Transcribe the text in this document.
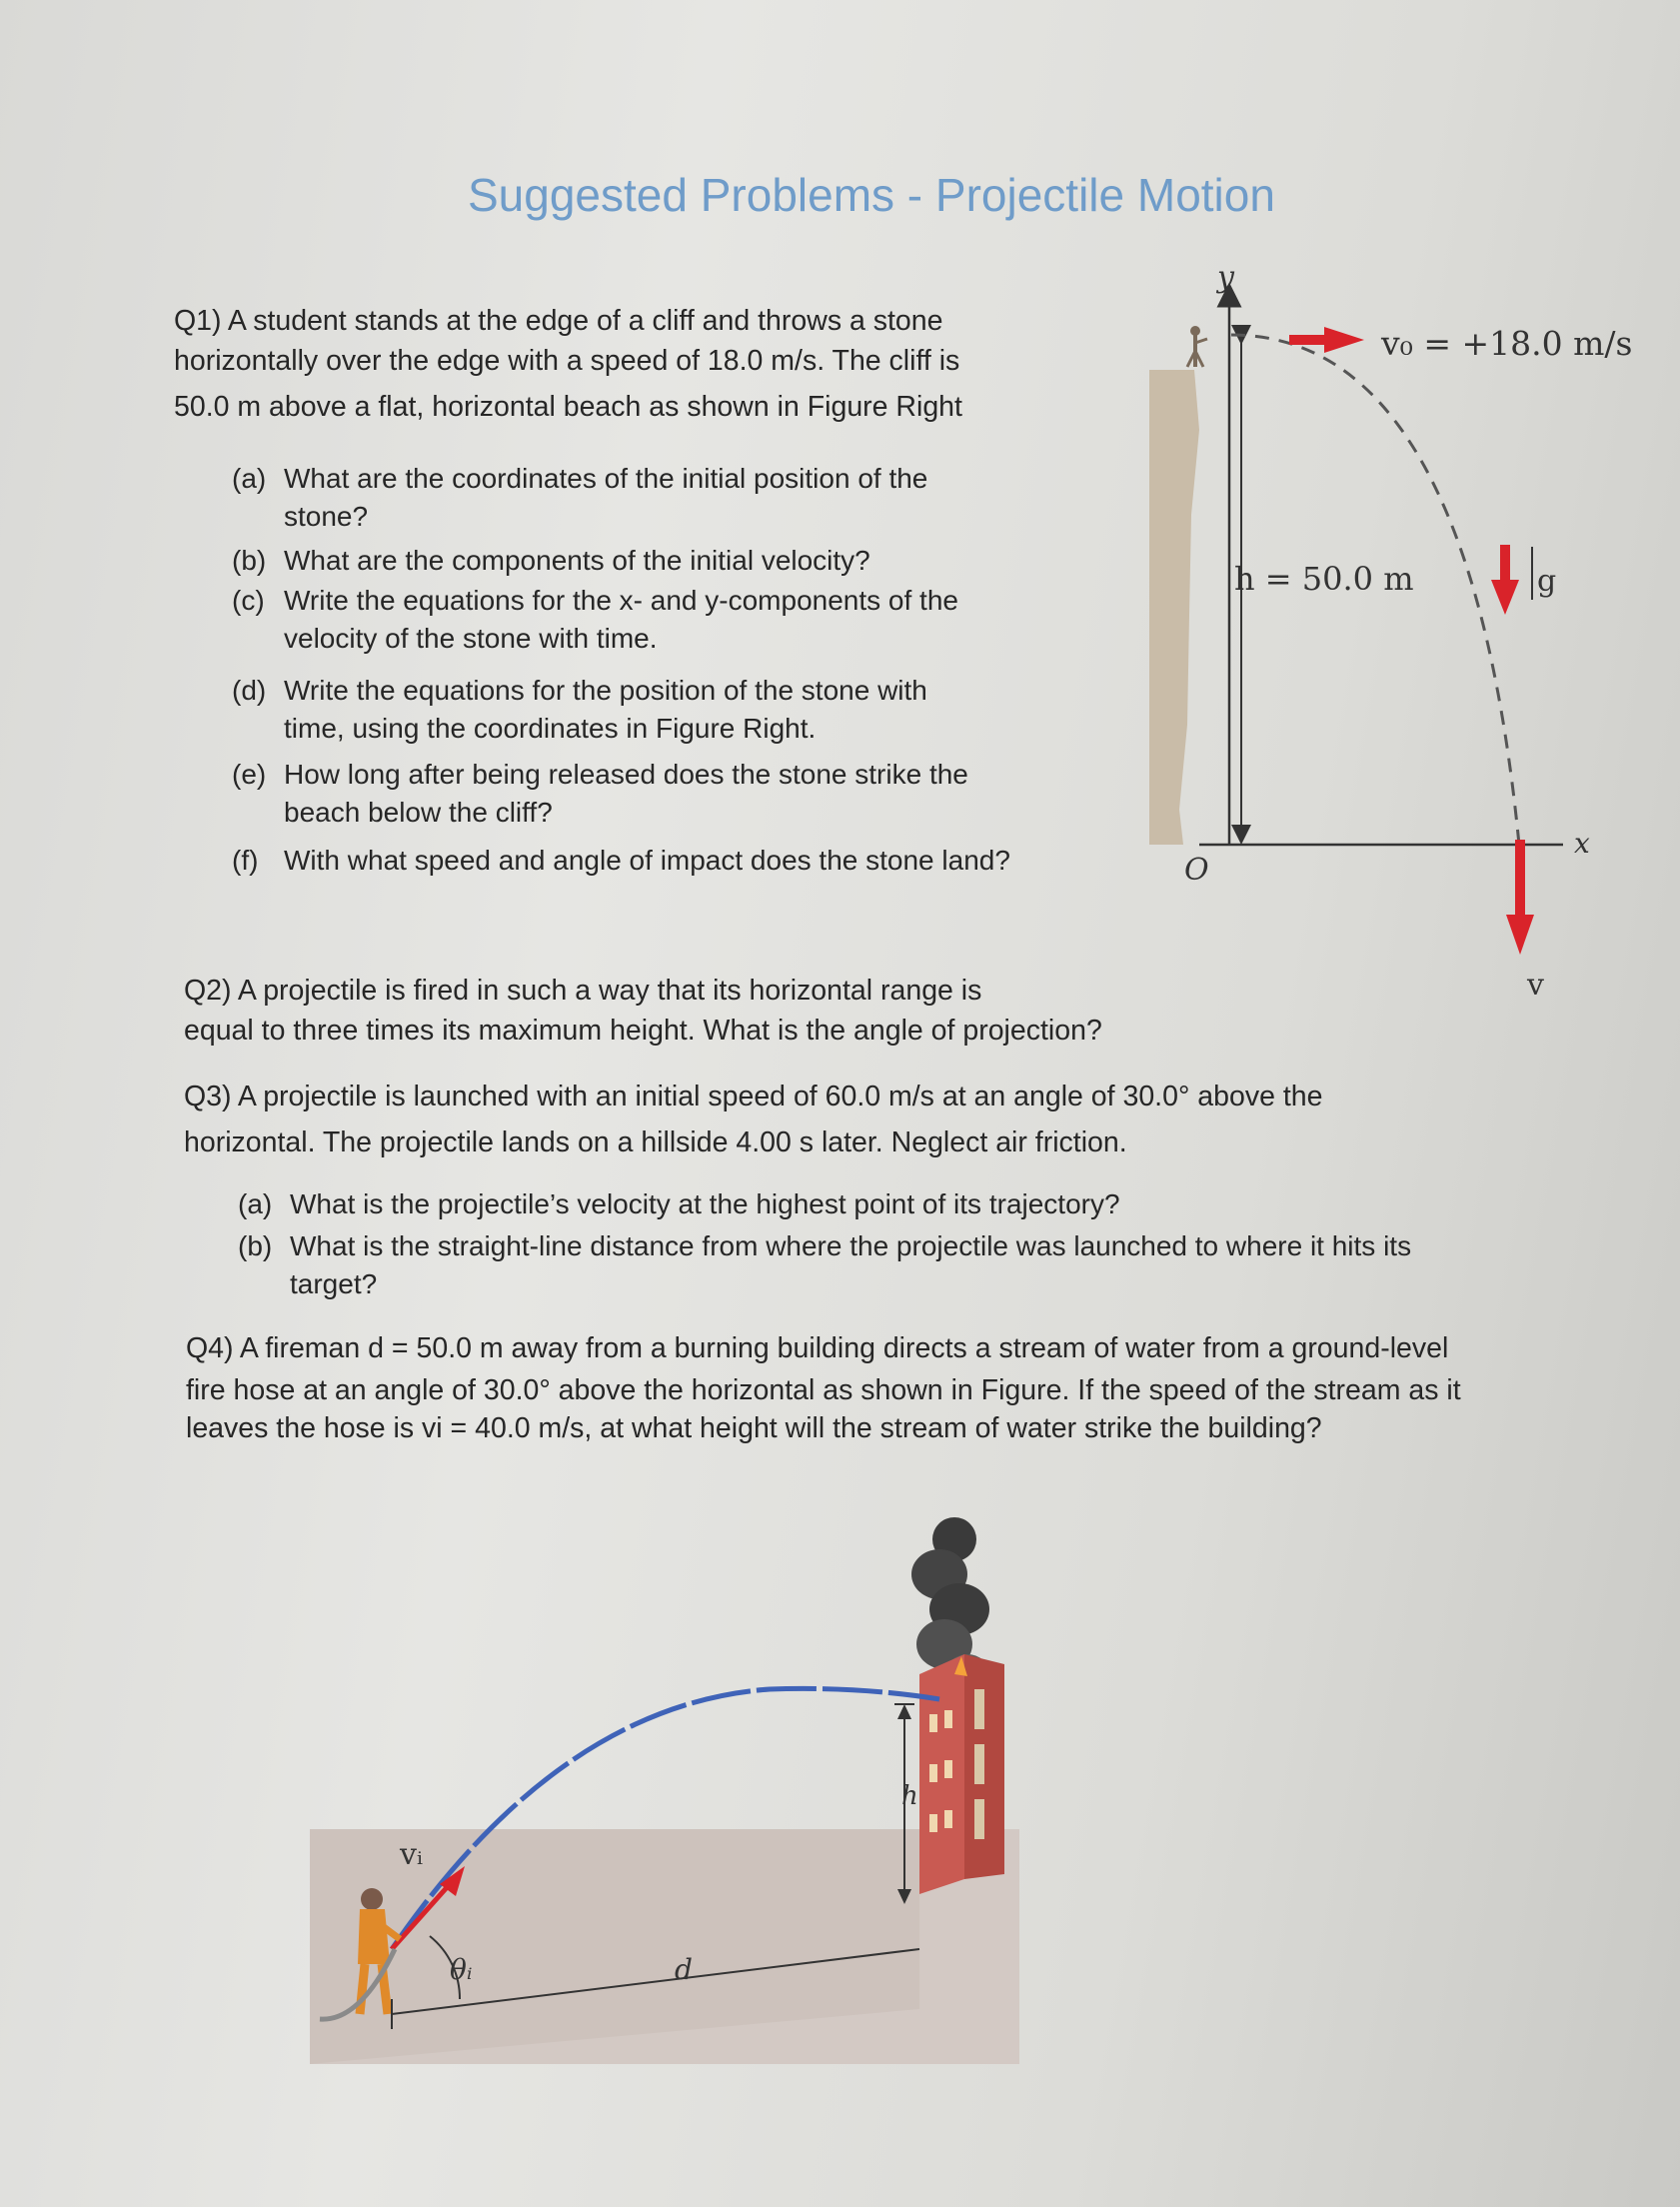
Suggested Problems - Projectile Motion
Q1) A student stands at the edge of a cliff and throws a stone
horizontally over the edge with a speed of 18.0 m/s. The cliff is
50.0 m above a flat, horizontal beach as shown in Figure Right
(a) What are the coordinates of the initial position of the
stone?
(b) What are the components of the initial velocity?
(c) Write the equations for the x- and y-components of the
velocity of the stone with time.
(d) Write the equations for the position of the stone with
time, using the coordinates in Figure Right.
(e) How long after being released does the stone strike the
beach below the cliff?
(f) With what speed and angle of impact does the stone land?
Q2) A projectile is fired in such a way that its horizontal range is
equal to three times its maximum height. What is the angle of projection?
Q3) A projectile is launched with an initial speed of 60.0 m/s at an angle of 30.0° above the
horizontal. The projectile lands on a hillside 4.00 s later. Neglect air friction.
(a) What is the projectile’s velocity at the highest point of its trajectory?
(b) What is the straight-line distance from where the projectile was launched to where it hits its
target?
Q4) A fireman d = 50.0 m away from a burning building directs a stream of water from a ground-level
fire hose at an angle of 30.0° above the horizontal as shown in Figure. If the speed of the stream as it
leaves the hose is vi = 40.0 m/s, at what height will the stream of water strike the building?
y
x
O
h = 50.0 m
v₀ = +18.0 m/s
g
v
vᵢ
θᵢ	d
h
